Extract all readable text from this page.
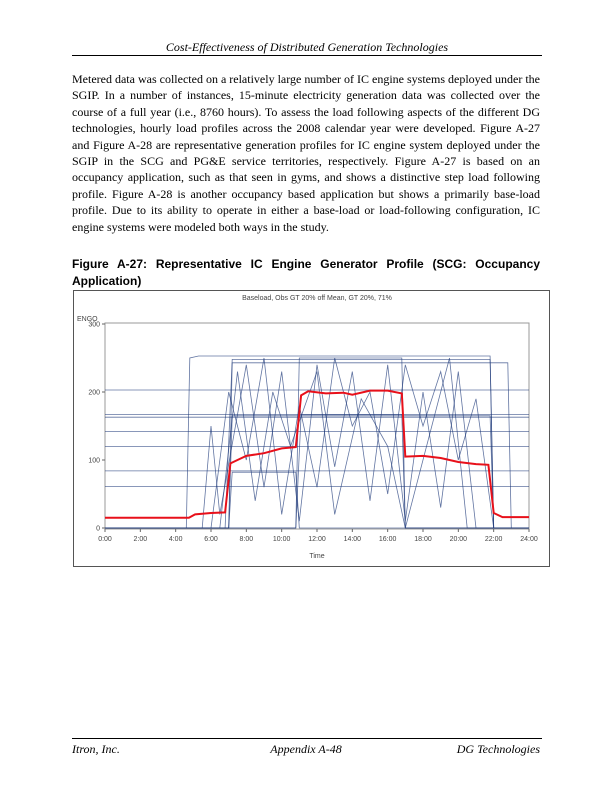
Cost-Effectiveness of Distributed Generation Technologies
Metered data was collected on a relatively large number of IC engine systems deployed under the SGIP. In a number of instances, 15-minute electricity generation data was collected over the course of a full year (i.e., 8760 hours). To assess the load following aspects of the different DG technologies, hourly load profiles across the 2008 calendar year were developed. Figure A-27 and Figure A-28 are representative generation profiles for IC engine system deployed under the SGIP in the SCG and PG&E service territories, respectively. Figure A-27 is based on an occupancy application, such as that seen in gyms, and shows a distinctive step load following profile. Figure A-28 is another occupancy based application but shows a primarily base-load profile. Due to its ability to operate in either a base-load or load-following configuration, IC engine systems were modeled both ways in the study.
Figure A-27: Representative IC Engine Generator Profile (SCG: Occupancy Application)
Baseload, Obs GT 20% off Mean, GT 20%, 71%
ENGO
Time
0:00	2:00	4:00	6:00	8:00	10:00	12:00	14:00	16:00	18:00	20:00	22:00	24:00
0
100
200
300
Itron, Inc.	Appendix A-48	DG Technologies
